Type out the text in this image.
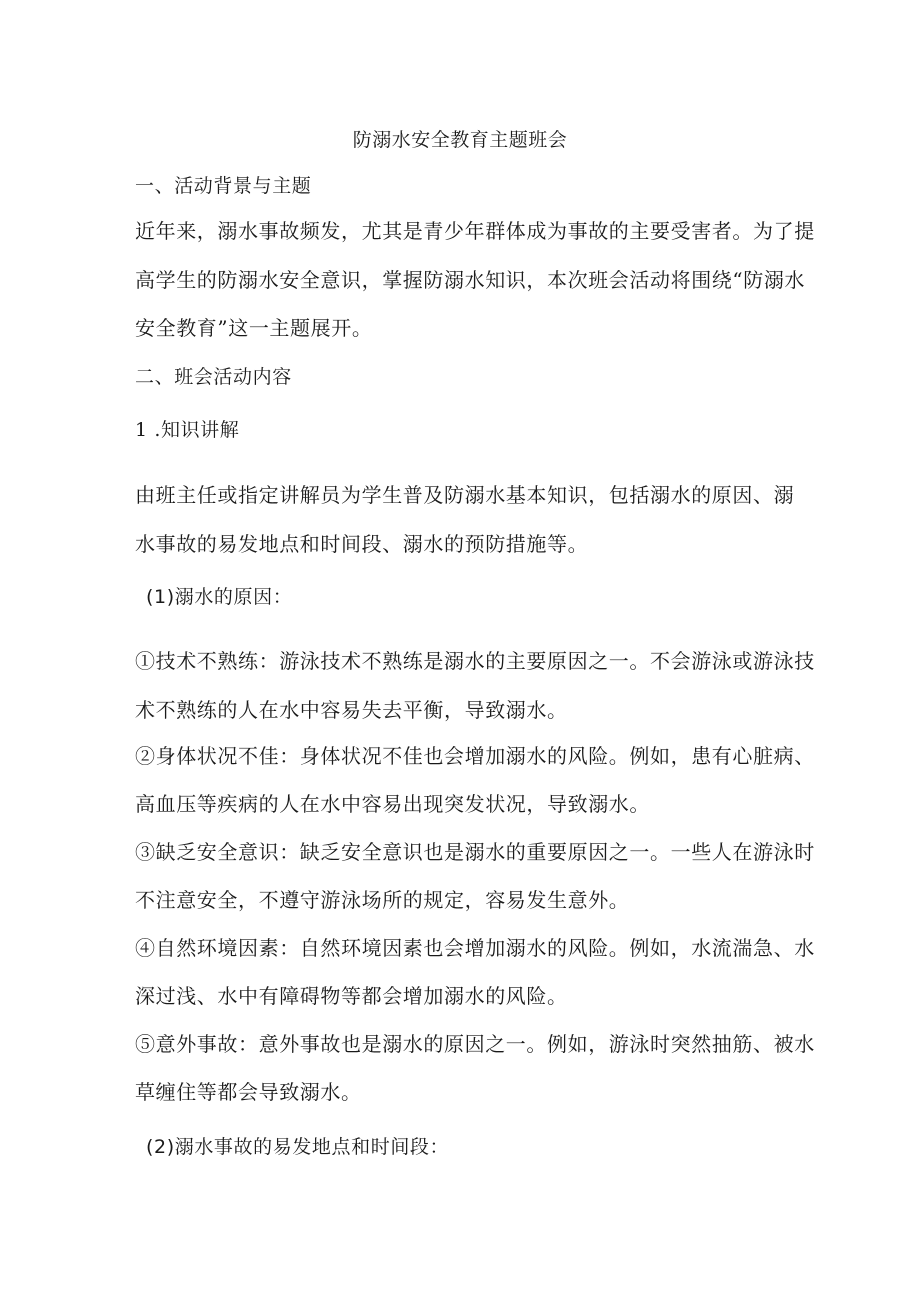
防溺水安全教育主题班会
一、活动背景与主题
近年来，溺水事故频发，尤其是青少年群体成为事故的主要受害者。为了提
高学生的防溺水安全意识，掌握防溺水知识，本次班会活动将围绕“防溺水
安全教育”这一主题展开。
二、班会活动内容
1 .知识讲解
由班主任或指定讲解员为学生普及防溺水基本知识，包括溺水的原因、溺
水事故的易发地点和时间段、溺水的预防措施等。
(1)溺水的原因：
①技术不熟练：游泳技术不熟练是溺水的主要原因之一。不会游泳或游泳技
术不熟练的人在水中容易失去平衡，导致溺水。
②身体状况不佳：身体状况不佳也会增加溺水的风险。例如，患有心脏病、
高血压等疾病的人在水中容易出现突发状况，导致溺水。
③缺乏安全意识：缺乏安全意识也是溺水的重要原因之一。一些人在游泳时
不注意安全，不遵守游泳场所的规定，容易发生意外。
④自然环境因素：自然环境因素也会增加溺水的风险。例如，水流湍急、水
深过浅、水中有障碍物等都会增加溺水的风险。
⑤意外事故：意外事故也是溺水的原因之一。例如，游泳时突然抽筋、被水
草缠住等都会导致溺水。
(2)溺水事故的易发地点和时间段：
